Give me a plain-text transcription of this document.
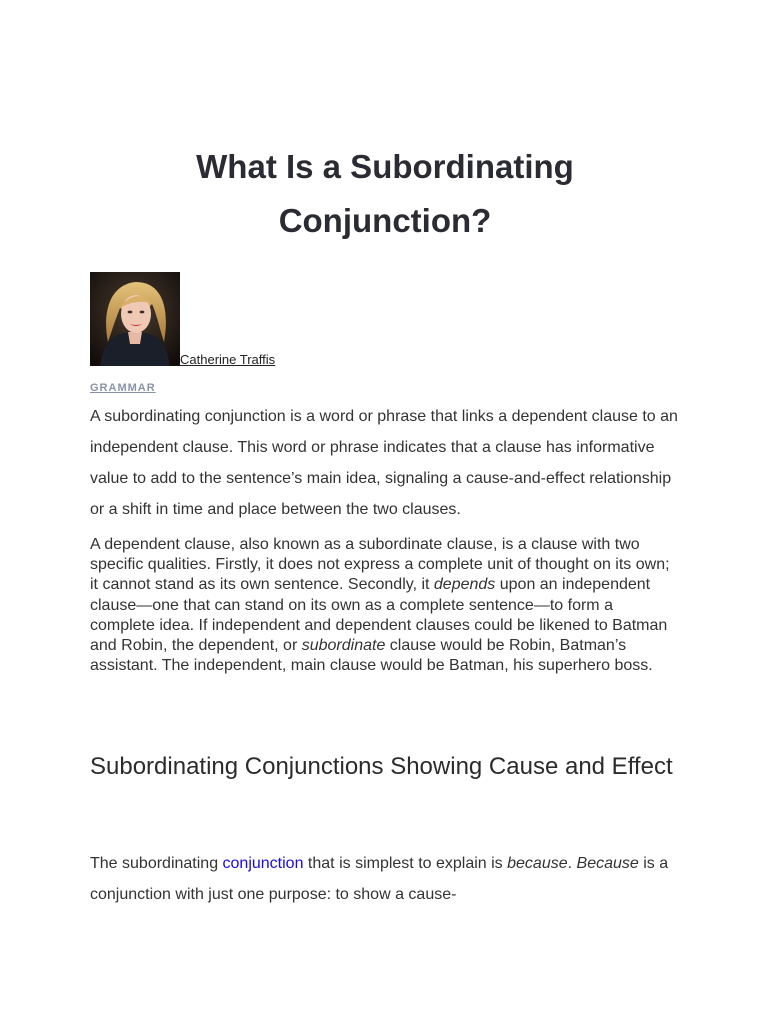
What Is a Subordinating Conjunction?
Catherine Traffis
GRAMMAR

A subordinating conjunction is a word or phrase that links a dependent clause to an independent clause. This word or phrase indicates that a clause has informative value to add to the sentence’s main idea, signaling a cause-and-effect relationship or a shift in time and place between the two clauses.

A dependent clause, also known as a subordinate clause, is a clause with two specific qualities. Firstly, it does not express a complete unit of thought on its own; it cannot stand as its own sentence. Secondly, it depends upon an independent clause—one that can stand on its own as a complete sentence—to form a complete idea. If independent and dependent clauses could be likened to Batman and Robin, the dependent, or subordinate clause would be Robin, Batman’s assistant. The independent, main clause would be Batman, his superhero boss.

Subordinating Conjunctions Showing Cause and Effect

The subordinating conjunction that is simplest to explain is because. Because is a conjunction with just one purpose: to show a cause-
